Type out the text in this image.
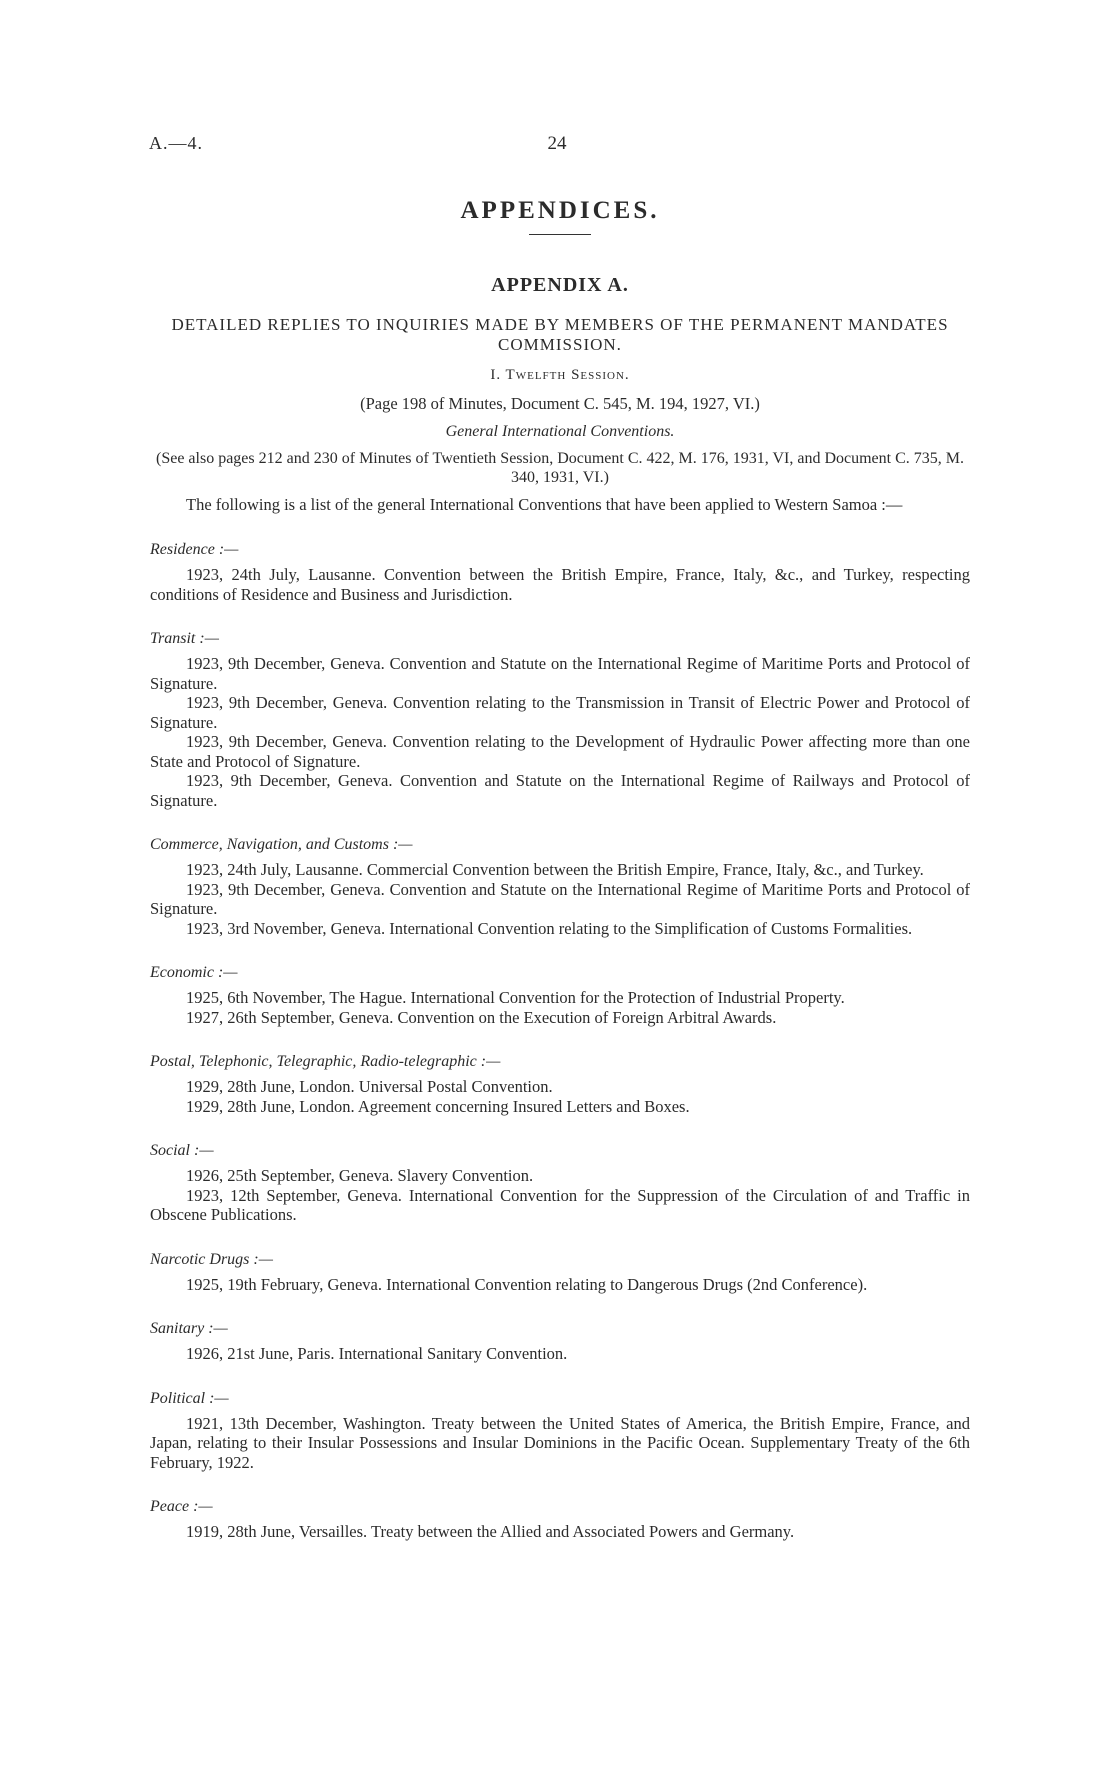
A.—4.	24
APPENDICES.
APPENDIX A.
DETAILED REPLIES TO INQUIRIES MADE BY MEMBERS OF THE PERMANENT MANDATES COMMISSION.
I. Twelfth Session.
(Page 198 of Minutes, Document C. 545, M. 194, 1927, VI.)
General International Conventions.
(See also pages 212 and 230 of Minutes of Twentieth Session, Document C. 422, M. 176, 1931, VI, and Document C. 735, M. 340, 1931, VI.)

The following is a list of the general International Conventions that have been applied to Western Samoa :—

Residence :—

1923, 24th July, Lausanne. Convention between the British Empire, France, Italy, &c., and Turkey, respecting conditions of Residence and Business and Jurisdiction.

Transit :—

1923, 9th December, Geneva. Convention and Statute on the International Regime of Maritime Ports and Protocol of Signature.

1923, 9th December, Geneva. Convention relating to the Transmission in Transit of Electric Power and Protocol of Signature.

1923, 9th December, Geneva. Convention relating to the Development of Hydraulic Power affecting more than one State and Protocol of Signature.

1923, 9th December, Geneva. Convention and Statute on the International Regime of Railways and Protocol of Signature.

Commerce, Navigation, and Customs :—

1923, 24th July, Lausanne. Commercial Convention between the British Empire, France, Italy, &c., and Turkey.

1923, 9th December, Geneva. Convention and Statute on the International Regime of Maritime Ports and Protocol of Signature.

1923, 3rd November, Geneva. International Convention relating to the Simplification of Customs Formalities.

Economic :—

1925, 6th November, The Hague. International Convention for the Protection of Industrial Property.

1927, 26th September, Geneva. Convention on the Execution of Foreign Arbitral Awards.

Postal, Telephonic, Telegraphic, Radio-telegraphic :—

1929, 28th June, London. Universal Postal Convention.

1929, 28th June, London. Agreement concerning Insured Letters and Boxes.

Social :—

1926, 25th September, Geneva. Slavery Convention.

1923, 12th September, Geneva. International Convention for the Suppression of the Circulation of and Traffic in Obscene Publications.

Narcotic Drugs :—

1925, 19th February, Geneva. International Convention relating to Dangerous Drugs (2nd Conference).

Sanitary :—

1926, 21st June, Paris. International Sanitary Convention.

Political :—

1921, 13th December, Washington. Treaty between the United States of America, the British Empire, France, and Japan, relating to their Insular Possessions and Insular Dominions in the Pacific Ocean. Supplementary Treaty of the 6th February, 1922.

Peace :—

1919, 28th June, Versailles. Treaty between the Allied and Associated Powers and Germany.
